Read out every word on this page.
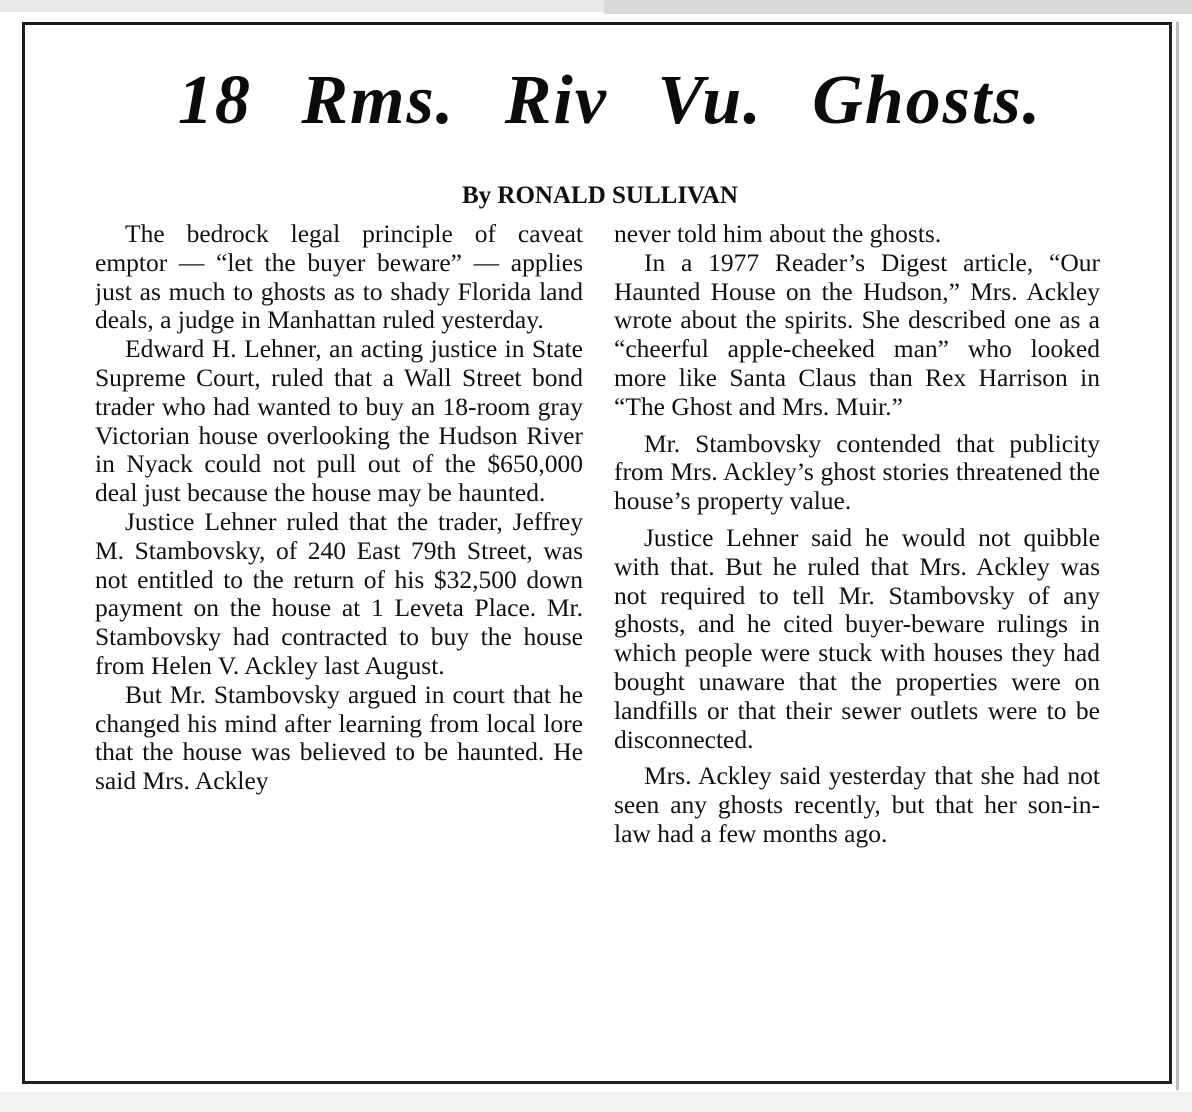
18 Rms. Riv Vu. Ghosts.
By RONALD SULLIVAN

The bedrock legal principle of caveat emptor — “let the buyer beware” — applies just as much to ghosts as to shady Florida land deals, a judge in Manhattan ruled yesterday.

Edward H. Lehner, an acting justice in State Supreme Court, ruled that a Wall Street bond trader who had wanted to buy an 18-room gray Victorian house overlooking the Hudson River in Nyack could not pull out of the $650,000 deal just because the house may be haunted.

Justice Lehner ruled that the trader, Jeffrey M. Stambovsky, of 240 East 79th Street, was not entitled to the return of his $32,500 down payment on the house at 1 Leveta Place. Mr. Stambovsky had contracted to buy the house from Helen V. Ackley last August.

But Mr. Stambovsky argued in court that he changed his mind after learning from local lore that the house was believed to be haunted. He said Mrs. Ackley

never told him about the ghosts.

In a 1977 Reader’s Digest article, “Our Haunted House on the Hudson,” Mrs. Ackley wrote about the spirits. She described one as a “cheerful apple-cheeked man” who looked more like Santa Claus than Rex Harrison in “The Ghost and Mrs. Muir.”

Mr. Stambovsky contended that publicity from Mrs. Ackley’s ghost stories threatened the house’s property value.

Justice Lehner said he would not quibble with that. But he ruled that Mrs. Ackley was not required to tell Mr. Stambovsky of any ghosts, and he cited buyer-beware rulings in which people were stuck with houses they had bought unaware that the properties were on landfills or that their sewer outlets were to be disconnected.

Mrs. Ackley said yesterday that she had not seen any ghosts recently, but that her son-in-law had a few months ago.
